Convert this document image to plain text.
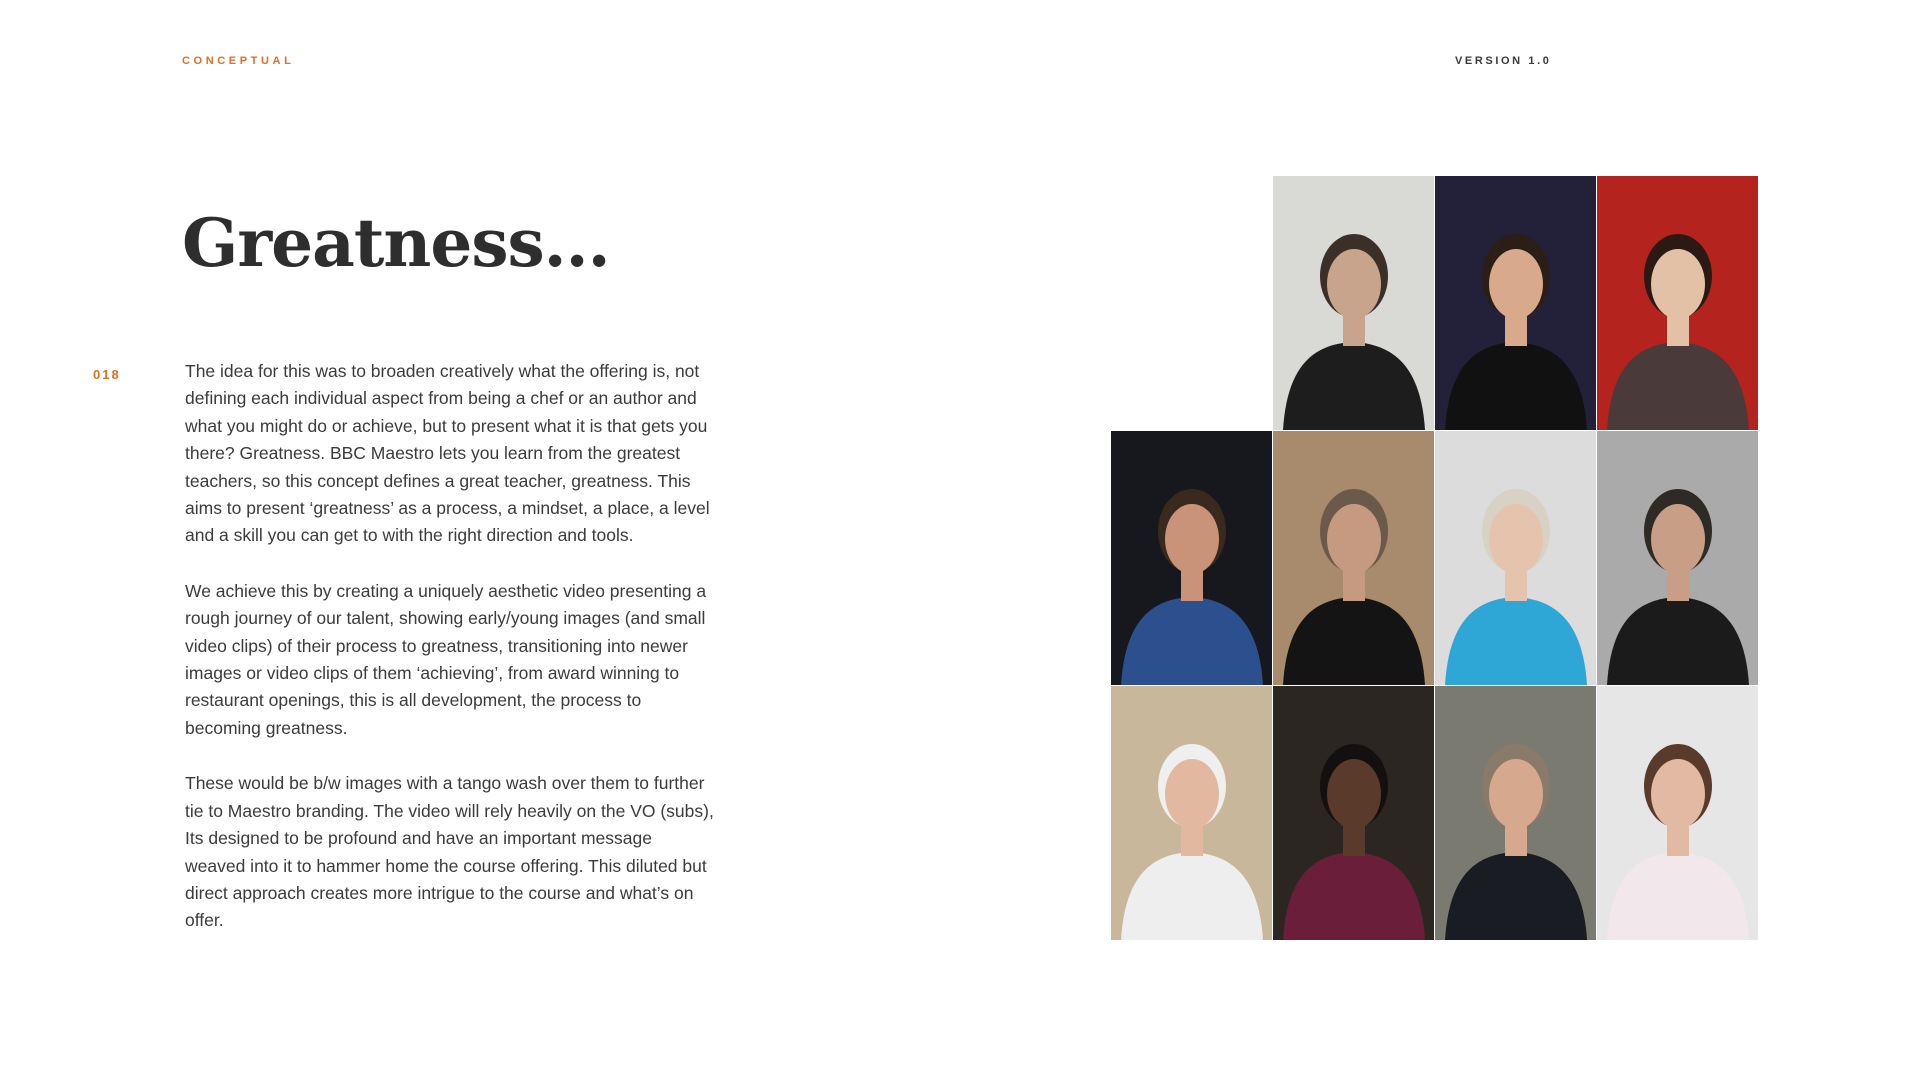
CONCEPTUAL	VERSION 1.0
Greatness...
018	The idea for this was to broaden creatively what the offering is, not defining each individual aspect from being a chef or an author and what you might do or achieve, but to present what it is that gets you there? Greatness. BBC Maestro lets you learn from the greatest teachers, so this concept defines a great teacher, greatness. This aims to present ‘greatness’ as a process, a mindset, a place, a level and a skill you can get to with the right direction and tools.

We achieve this by creating a uniquely aesthetic video presenting a rough journey of our talent, showing early/young images (and small video clips) of their process to greatness, transitioning into newer images or video clips of them ‘achieving’, from award winning to restaurant openings, this is all development, the process to becoming greatness.

These would be b/w images with a tango wash over them to further tie to Maestro branding. The video will rely heavily on the VO (subs), Its designed to be profound and have an important message weaved into it to hammer home the course offering. This diluted but direct approach creates more intrigue to the course and what’s on offer.
